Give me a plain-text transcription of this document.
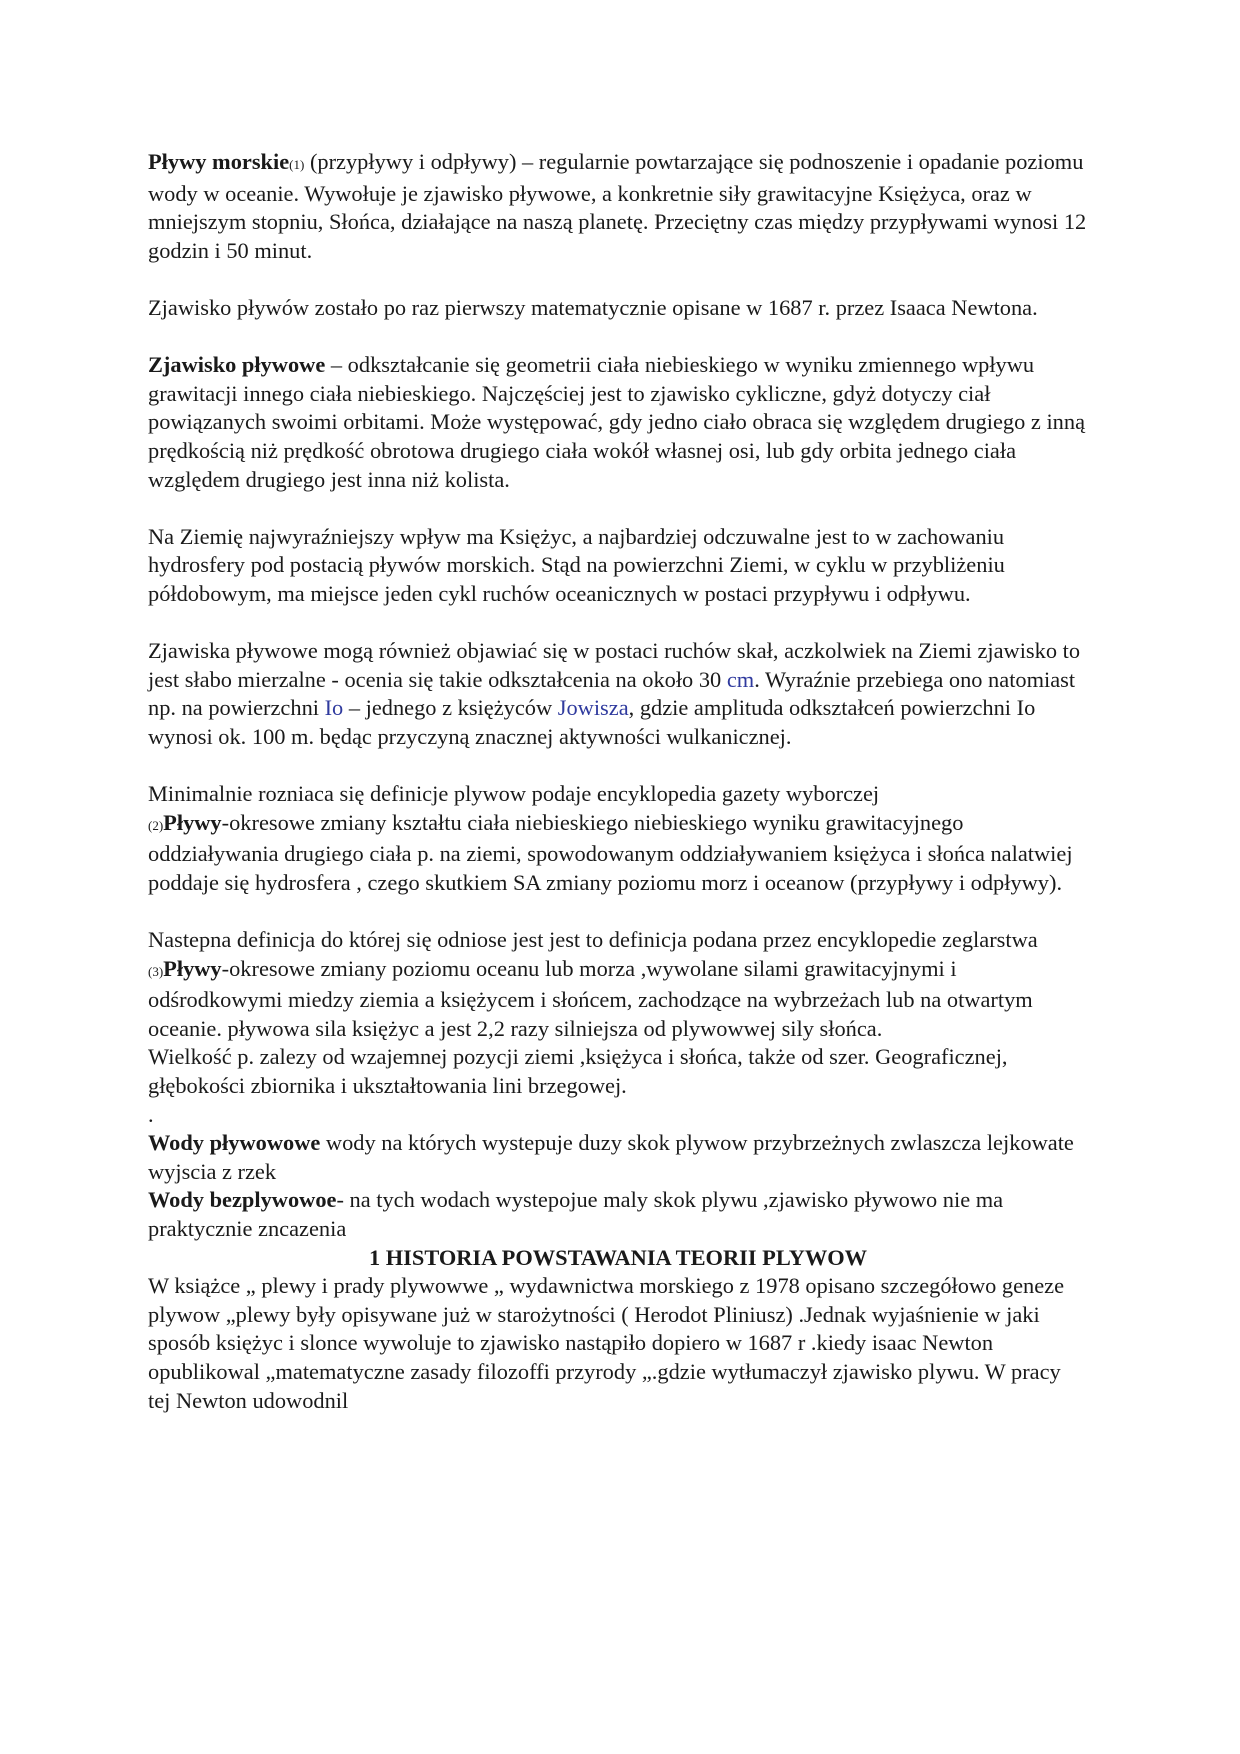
Pływy morskie(1) (przypływy i odpływy) – regularnie powtarzające się podnoszenie i opadanie poziomu wody w oceanie. Wywołuje je zjawisko pływowe, a konkretnie siły grawitacyjne Księżyca, oraz w mniejszym stopniu, Słońca, działające na naszą planetę. Przeciętny czas między przypływami wynosi 12 godzin i 50 minut.

Zjawisko pływów zostało po raz pierwszy matematycznie opisane w 1687 r. przez Isaaca Newtona.

Zjawisko pływowe – odkształcanie się geometrii ciała niebieskiego w wyniku zmiennego wpływu grawitacji innego ciała niebieskiego. Najczęściej jest to zjawisko cykliczne, gdyż dotyczy ciał powiązanych swoimi orbitami. Może występować, gdy jedno ciało obraca się względem drugiego z inną prędkością niż prędkość obrotowa drugiego ciała wokół własnej osi, lub gdy orbita jednego ciała względem drugiego jest inna niż kolista.

Na Ziemię najwyraźniejszy wpływ ma Księżyc, a najbardziej odczuwalne jest to w zachowaniu hydrosfery pod postacią pływów morskich. Stąd na powierzchni Ziemi, w cyklu w przybliżeniu półdobowym, ma miejsce jeden cykl ruchów oceanicznych w postaci przypływu i odpływu.

Zjawiska pływowe mogą również objawiać się w postaci ruchów skał, aczkolwiek na Ziemi zjawisko to jest słabo mierzalne - ocenia się takie odkształcenia na około 30 cm. Wyraźnie przebiega ono natomiast np. na powierzchni Io – jednego z księżyców Jowisza, gdzie amplituda odkształceń powierzchni Io wynosi ok. 100 m. będąc przyczyną znacznej aktywności wulkanicznej.

Minimalnie rozniaca się definicje plywow podaje encyklopedia gazety wyborczej
(2)Pływy-okresowe zmiany kształtu ciała niebieskiego niebieskiego wyniku grawitacyjnego oddziaływania drugiego ciała p. na ziemi, spowodowanym oddziaływaniem księżyca i słońca nalatwiej poddaje się hydrosfera , czego skutkiem SA zmiany poziomu morz i oceanow (przypływy i odpływy).

Nastepna definicja do której się odniose jest jest to definicja podana przez encyklopedie zeglarstwa
(3)Pływy-okresowe zmiany poziomu oceanu lub morza ,wywolane silami grawitacyjnymi i odśrodkowymi miedzy ziemia a księżycem i słońcem, zachodzące na wybrzeżach lub na otwartym oceanie. pływowa sila księżyc a jest 2,2 razy silniejsza od plywowwej sily słońca.

Wielkość p. zalezy od wzajemnej pozycji ziemi ,księżyca i słońca, także od szer. Geograficznej, głębokości zbiornika i ukształtowania lini brzegowej.

.

Wody pływowowe wody na których wystepuje duzy skok plywow przybrzeżnych zwlaszcza lejkowate wyjscia z rzek

Wody bezplywowoe- na tych wodach wystepojue maly skok plywu ,zjawisko pływowo nie ma praktycznie zncazenia

1 HISTORIA POWSTAWANIA TEORII PLYWOW

W książce „ plewy i prady plywowwe „ wydawnictwa morskiego z 1978 opisano szczegółowo geneze plywow „plewy były opisywane już w starożytności ( Herodot Pliniusz) .Jednak wyjaśnienie w jaki sposób księżyc i slonce wywoluje to zjawisko nastąpiło dopiero w 1687 r .kiedy isaac Newton opublikowal „matematyczne zasady filozoffi przyrody „.gdzie wytłumaczył zjawisko plywu. W pracy tej Newton udowodnil
